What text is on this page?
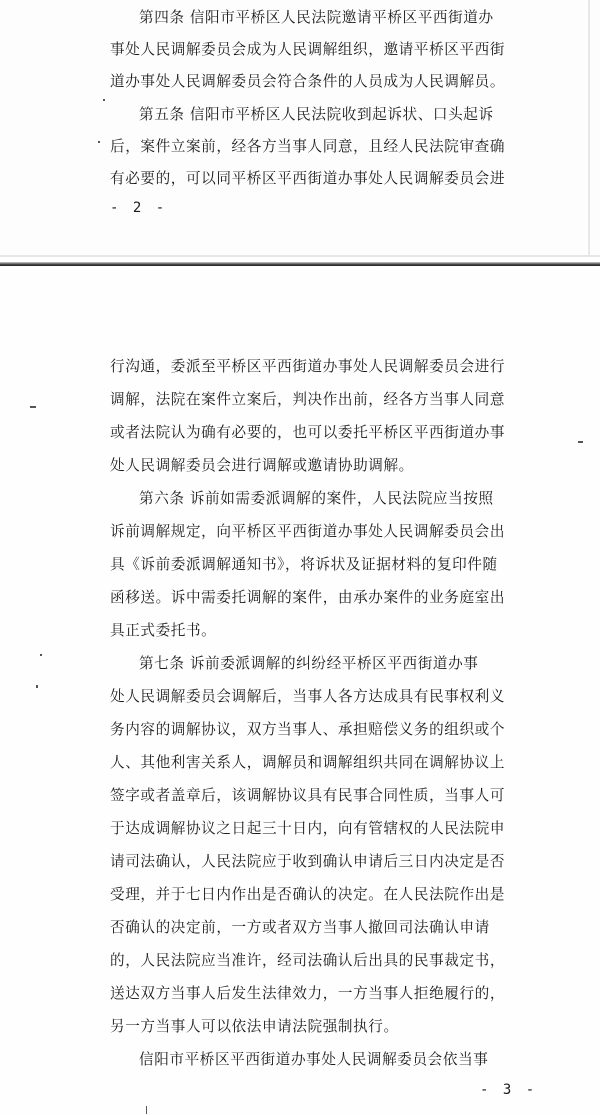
第四条 信阳市平桥区人民法院邀请平桥区平西街道办
事处人民调解委员会成为人民调解组织，邀请平桥区平西街
道办事处人民调解委员会符合条件的人员成为人民调解员。
第五条 信阳市平桥区人民法院收到起诉状、口头起诉
后，案件立案前，经各方当事人同意，且经人民法院审查确
有必要的，可以同平桥区平西街道办事处人民调解委员会进
- 2 -
行沟通，委派至平桥区平西街道办事处人民调解委员会进行
调解，法院在案件立案后，判决作出前，经各方当事人同意
或者法院认为确有必要的，也可以委托平桥区平西街道办事
处人民调解委员会进行调解或邀请协助调解。
第六条 诉前如需委派调解的案件，人民法院应当按照
诉前调解规定，向平桥区平西街道办事处人民调解委员会出
具《诉前委派调解通知书》，将诉状及证据材料的复印件随
函移送。诉中需委托调解的案件，由承办案件的业务庭室出
具正式委托书。
第七条 诉前委派调解的纠纷经平桥区平西街道办事
处人民调解委员会调解后，当事人各方达成具有民事权利义
务内容的调解协议，双方当事人、承担赔偿义务的组织或个
人、其他利害关系人，调解员和调解组织共同在调解协议上
签字或者盖章后，该调解协议具有民事合同性质，当事人可
于达成调解协议之日起三十日内，向有管辖权的人民法院申
请司法确认，人民法院应于收到确认申请后三日内决定是否
受理，并于七日内作出是否确认的决定。在人民法院作出是
否确认的决定前，一方或者双方当事人撤回司法确认申请
的，人民法院应当准许，经司法确认后出具的民事裁定书，
送达双方当事人后发生法律效力，一方当事人拒绝履行的，
另一方当事人可以依法申请法院强制执行。
信阳市平桥区平西街道办事处人民调解委员会依当事
- 3 -
